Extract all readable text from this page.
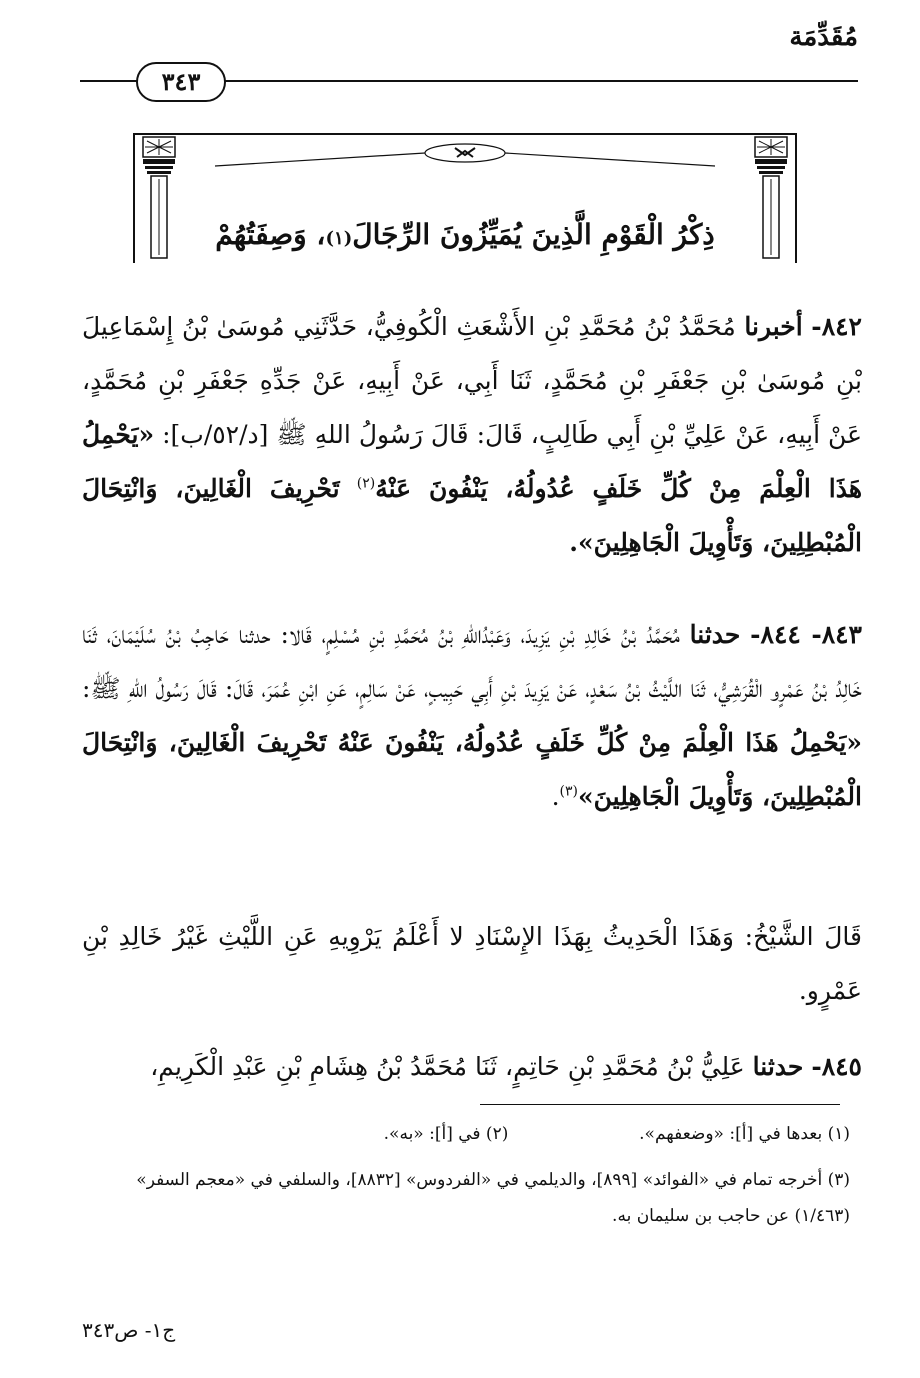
مُقَدِّمَة
٣٤٣
ذِكْرُ الْقَوْمِ الَّذِينَ يُمَيِّزُونَ الرِّجَالَ(١)، وَصِفَتُهُمْ
٨٤٢- أخبرنا مُحَمَّدُ بْنُ مُحَمَّدِ بْنِ الأَشْعَثِ الْكُوفِيُّ، حَدَّثَنِي مُوسَىٰ بْنُ إِسْمَاعِيلَ بْنِ مُوسَىٰ بْنِ جَعْفَرِ بْنِ مُحَمَّدٍ، ثَنَا أَبِي، عَنْ أَبِيهِ، عَنْ جَدِّهِ جَعْفَرِ بْنِ مُحَمَّدٍ، عَنْ أَبِيهِ، عَنْ عَلِيِّ بْنِ أَبِي طَالِبٍ، قَالَ: قَالَ رَسُولُ اللهِ ﷺ [د/٥٢/ب]: «يَحْمِلُ هَذَا الْعِلْمَ مِنْ كُلِّ خَلَفٍ عُدُولُهُ، يَنْفُونَ عَنْهُ$^{(٢)}$ تَحْرِيفَ الْغَالِينَ، وَانْتِحَالَ الْمُبْطِلِينَ، وَتَأْوِيلَ الْجَاهِلِينَ».
٨٤٣- ٨٤٤- حدثنا مُحَمَّدُ بْنُ خَالِدِ بْنِ يَزِيدَ، وَعَبْدُاللهِ بْنُ مُحَمَّدِ بْنِ مُسْلِمٍ، قَالا: حدثنا حَاجِبُ بْنُ سُلَيْمَانَ، ثَنَا خَالِدُ بْنُ عَمْرٍو الْقُرَشِيُّ، ثَنَا اللَّيْثُ بْنُ سَعْدٍ، عَنْ يَزِيدَ بْنِ أَبِي حَبِيبٍ، عَنْ سَالِمٍ، عَنِ ابْنِ عُمَرَ، قَالَ: قَالَ رَسُولُ اللهِ ﷺ: «يَحْمِلُ هَذَا الْعِلْمَ مِنْ كُلِّ خَلَفٍ عُدُولُهُ، يَنْفُونَ عَنْهُ تَحْرِيفَ الْغَالِينَ، وَانْتِحَالَ الْمُبْطِلِينَ، وَتَأْوِيلَ الْجَاهِلِينَ»$^{(٣)}$.
قَالَ الشَّيْخُ: وَهَذَا الْحَدِيثُ بِهَذَا الإِسْنَادِ لا أَعْلَمُ يَرْوِيهِ عَنِ اللَّيْثِ غَيْرُ خَالِدِ بْنِ عَمْرٍو.
٨٤٥- حدثنا عَلِيُّ بْنُ مُحَمَّدِ بْنِ حَاتِمٍ، ثَنَا مُحَمَّدُ بْنُ هِشَامِ بْنِ عَبْدِ الْكَرِيمِ،
(١) بعدها في [أ]: «وضعفهم».  (٢) في [أ]: «به».
(٣) أخرجه تمام في «الفوائد» [٨٩٩]، والديلمي في «الفردوس» [٨٨٣٢]، والسلفي في «معجم السفر» (١/٤٦٣) عن حاجب بن سليمان به.
ج١- ص٣٤٣
